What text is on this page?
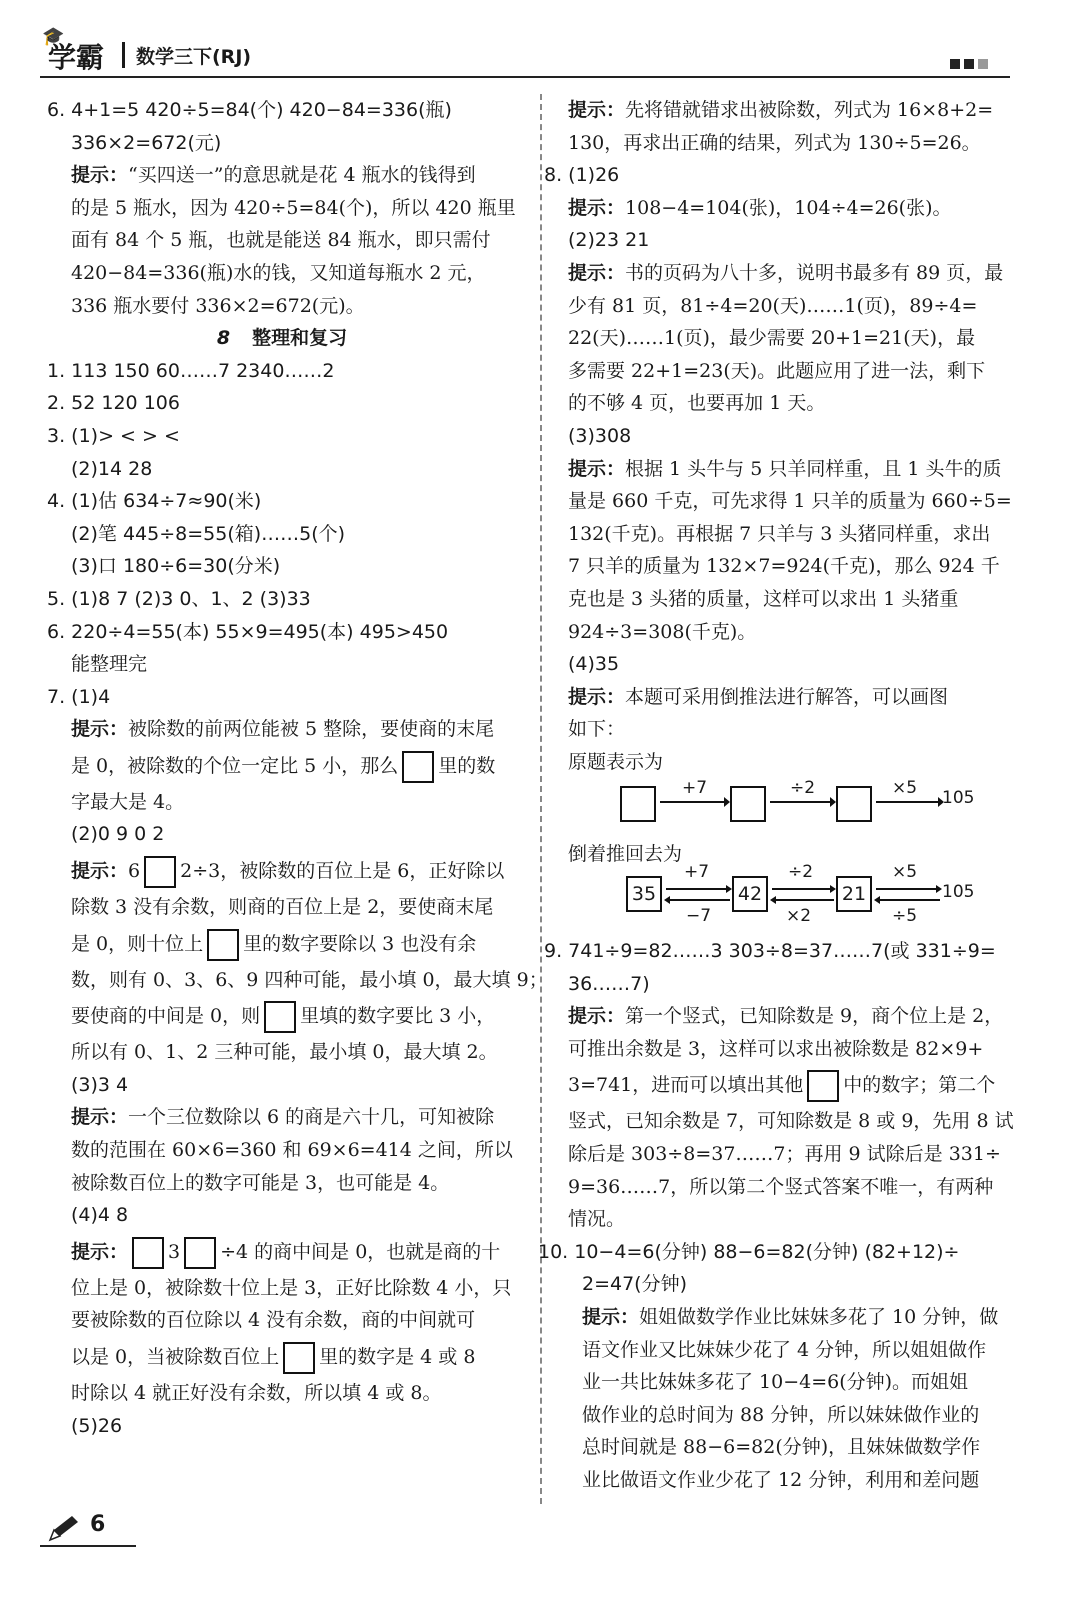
🎓
学霸 数学三下(RJ)
6. 4+1=5 420÷5=84(个) 420−84=336(瓶)
336×2=672(元)
提示：“买四送一”的意思就是花 4 瓶水的钱得到
的是 5 瓶水，因为 420÷5=84(个)，所以 420 瓶里
面有 84 个 5 瓶，也就是能送 84 瓶水，即只需付
420−84=336(瓶)水的钱，又知道每瓶水 2 元，
336 瓶水要付 336×2=672(元)。
8 整理和复习
1. 113 150 60……7 2340……2
2. 52 120 106
3. (1)> < > <
(2)14 28
4. (1)估 634÷7≈90(米)
(2)笔 445÷8=55(箱)……5(个)
(3)口 180÷6=30(分米)
5. (1)8 7 (2)3 0、1、2 (3)33
6. 220÷4=55(本) 55×9=495(本) 495>450
能整理完
7. (1)4
提示：被除数的前两位能被 5 整除，要使商的末尾
是 0，被除数的个位一定比 5 小，那么 里的数
字最大是 4。
(2)0 9 0 2
提示：6 2÷3，被除数的百位上是 6，正好除以
除数 3 没有余数，则商的百位上是 2，要使商末尾
是 0，则十位上 里的数字要除以 3 也没有余
数，则有 0、3、6、9 四种可能，最小填 0，最大填 9；
要使商的中间是 0，则 里填的数字要比 3 小，
所以有 0、1、2 三种可能，最小填 0，最大填 2。
(3)3 4
提示：一个三位数除以 6 的商是六十几，可知被除
数的范围在 60×6=360 和 69×6=414 之间，所以
被除数百位上的数字可能是 3，也可能是 4。
(4)4 8
提示： 3 ÷4 的商中间是 0，也就是商的十
位上是 0，被除数十位上是 3，正好比除数 4 小，只
要被除数的百位除以 4 没有余数，商的中间就可
以是 0，当被除数百位上 里的数字是 4 或 8
时除以 4 就正好没有余数，所以填 4 或 8。
(5)26
提示：先将错就错求出被除数，列式为 16×8+2=
130，再求出正确的结果，列式为 130÷5=26。
8. (1)26
提示：108−4=104(张)，104÷4=26(张)。
(2)23 21
提示：书的页码为八十多，说明书最多有 89 页，最
少有 81 页，81÷4=20(天)……1(页)，89÷4=
22(天)……1(页)，最少需要 20+1=21(天)，最
多需要 22+1=23(天)。此题应用了进一法，剩下
的不够 4 页，也要再加 1 天。
(3)308
提示：根据 1 头牛与 5 只羊同样重，且 1 头牛的质
量是 660 千克，可先求得 1 只羊的质量为 660÷5=
132(千克)。再根据 7 只羊与 3 头猪同样重，求出
7 只羊的质量为 132×7=924(千克)，那么 924 千
克也是 3 头猪的质量，这样可以求出 1 头猪重
924÷3=308(千克)。
(4)35
提示：本题可采用倒推法进行解答，可以画图
如下：
原题表示为
倒着推回去为
9. 741÷9=82……3 303÷8=37……7(或 331÷9=
36……7)
提示：第一个竖式，已知除数是 9，商个位上是 2，
可推出余数是 3，这样可以求出被除数是 82×9+
3=741，进而可以填出其他 中的数字；第二个
竖式，已知余数是 7，可知除数是 8 或 9，先用 8 试
除后是 303÷8=37……7；再用 9 试除后是 331÷
9=36……7，所以第二个竖式答案不唯一，有两种
情况。
10. 10−4=6(分钟) 88−6=82(分钟) (82+12)÷
2=47(分钟)
提示：姐姐做数学作业比妹妹多花了 10 分钟，做
语文作业又比妹妹少花了 4 分钟，所以姐姐做作
业一共比妹妹多花了 10−4=6(分钟)。而姐姐
做作业的总时间为 88 分钟，所以妹妹做作业的
总时间就是 88−6=82(分钟)，且妹妹做数学作
业比做语文作业少花了 12 分钟，利用和差问题
+7	÷2	×5 105
35
+7
−7
42
÷2
×2
21
×5
÷5
105
6
